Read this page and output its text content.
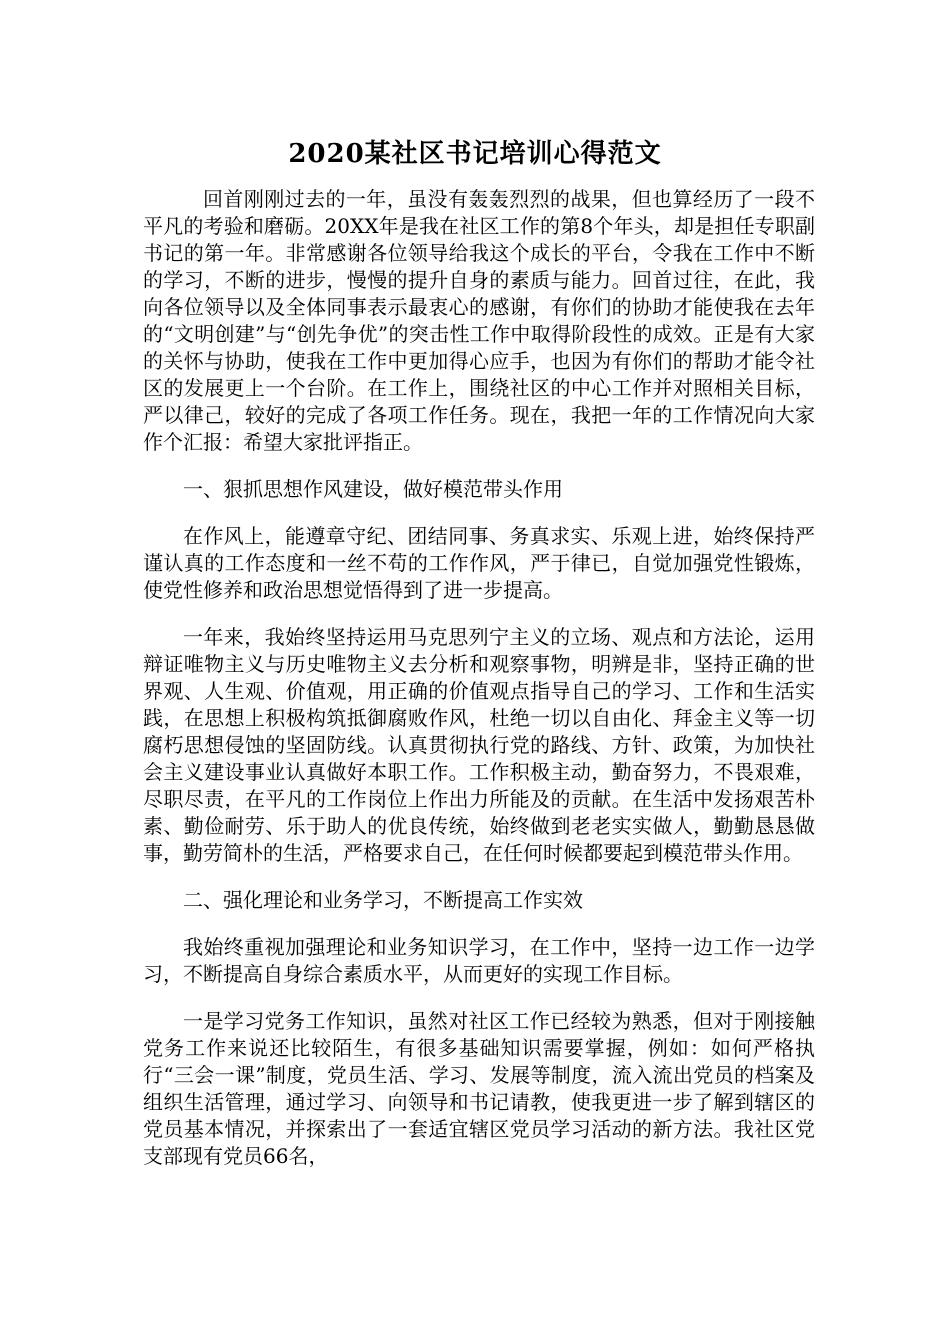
2020某社区书记培训心得范文

回首刚刚过去的一年，虽没有轰轰烈烈的战果，但也算经历了一段不平凡的考验和磨砺。20XX年是我在社区工作的第8个年头，却是担任专职副书记的第一年。非常感谢各位领导给我这个成长的平台，令我在工作中不断的学习，不断的进步，慢慢的提升自身的素质与能力。回首过往，在此，我向各位领导以及全体同事表示最衷心的感谢，有你们的协助才能使我在去年的“文明创建”与“创先争优”的突击性工作中取得阶段性的成效。正是有大家的关怀与协助，使我在工作中更加得心应手，也因为有你们的帮助才能令社区的发展更上一个台阶。在工作上，围绕社区的中心工作并对照相关目标，严以律己，较好的完成了各项工作任务。现在，我把一年的工作情况向大家作个汇报：希望大家批评指正。

一、狠抓思想作风建设，做好模范带头作用

在作风上，能遵章守纪、团结同事、务真求实、乐观上进，始终保持严谨认真的工作态度和一丝不苟的工作作风，严于律已，自觉加强党性锻炼，使党性修养和政治思想觉悟得到了进一步提高。

一年来，我始终坚持运用马克思列宁主义的立场、观点和方法论，运用辩证唯物主义与历史唯物主义去分析和观察事物，明辨是非，坚持正确的世界观、人生观、价值观，用正确的价值观点指导自己的学习、工作和生活实践，在思想上积极构筑抵御腐败作风，杜绝一切以自由化、拜金主义等一切腐朽思想侵蚀的坚固防线。认真贯彻执行党的路线、方针、政策，为加快社会主义建设事业认真做好本职工作。工作积极主动，勤奋努力，不畏艰难，尽职尽责，在平凡的工作岗位上作出力所能及的贡献。在生活中发扬艰苦朴素、勤俭耐劳、乐于助人的优良传统，始终做到老老实实做人，勤勤恳恳做事，勤劳简朴的生活，严格要求自己，在任何时候都要起到模范带头作用。

二、强化理论和业务学习，不断提高工作实效

我始终重视加强理论和业务知识学习，在工作中，坚持一边工作一边学习，不断提高自身综合素质水平，从而更好的实现工作目标。

一是学习党务工作知识，虽然对社区工作已经较为熟悉，但对于刚接触党务工作来说还比较陌生，有很多基础知识需要掌握，例如：如何严格执行“三会一课”制度，党员生活、学习、发展等制度，流入流出党员的档案及组织生活管理，通过学习、向领导和书记请教，使我更进一步了解到辖区的党员基本情况，并探索出了一套适宜辖区党员学习活动的新方法。我社区党支部现有党员66名，
